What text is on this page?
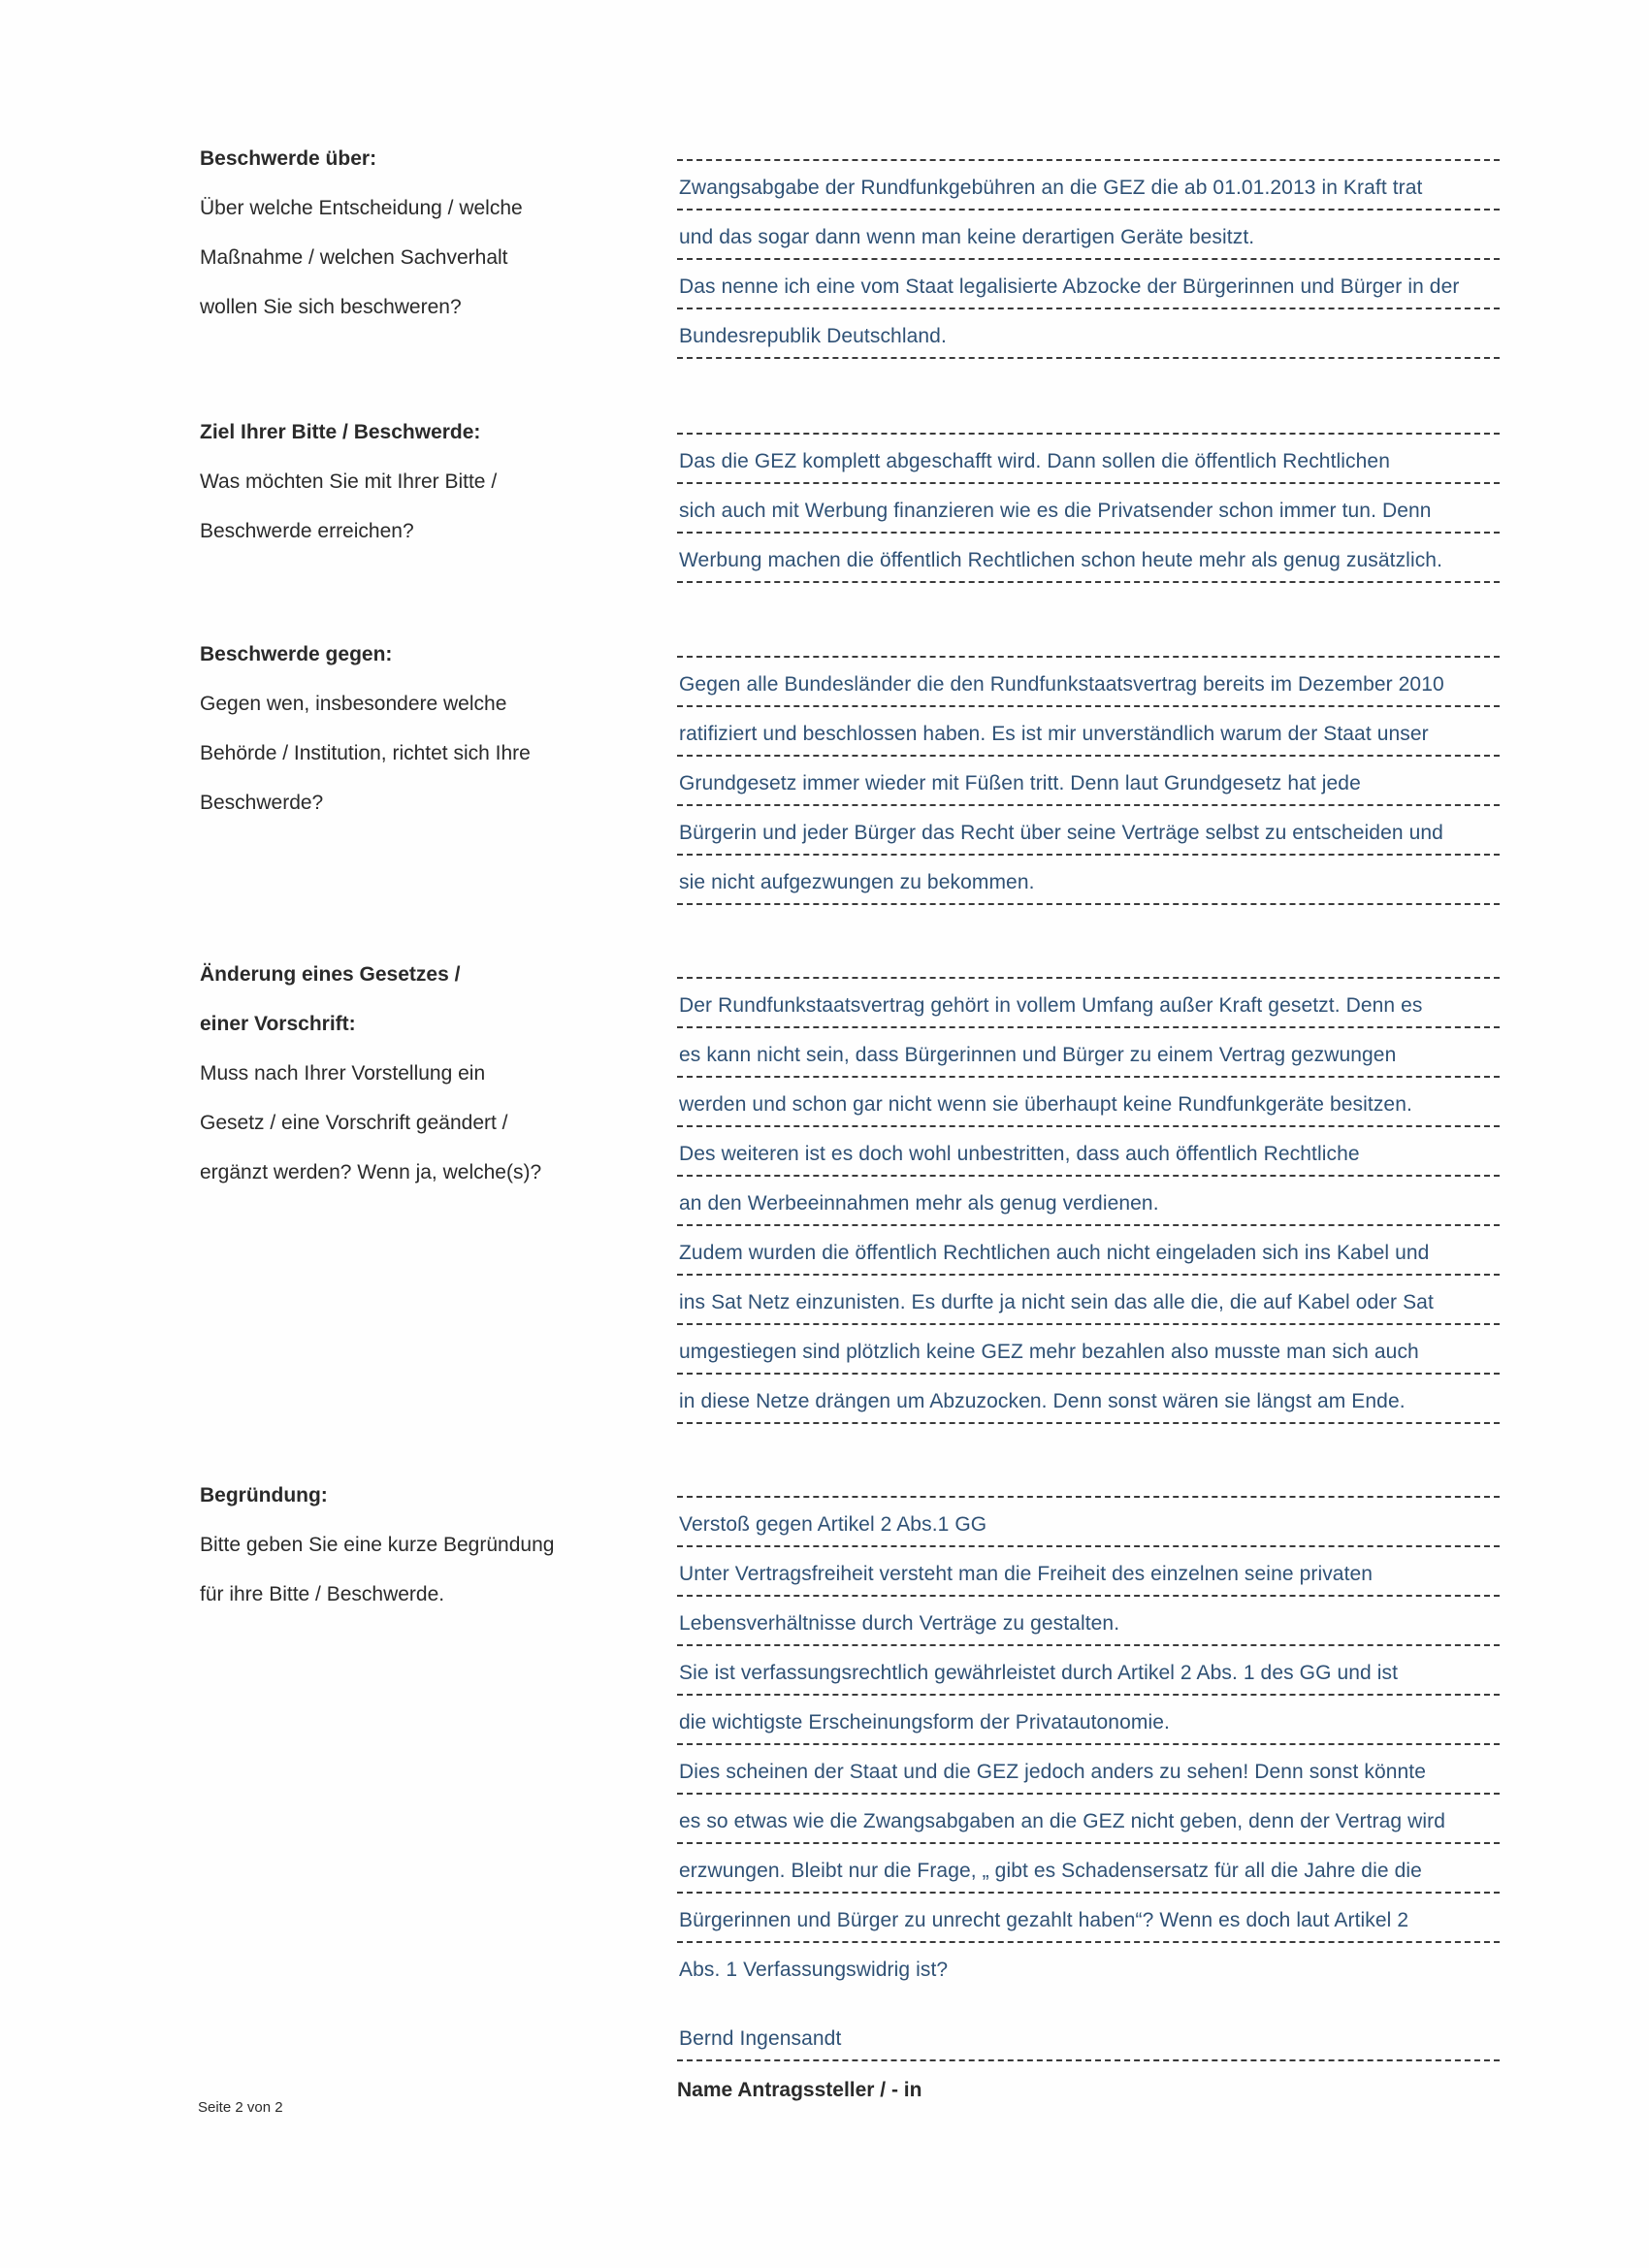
Beschwerde über:
Über welche Entscheidung / welche
Maßnahme / welchen Sachverhalt
wollen Sie sich beschweren?
Zwangsabgabe der Rundfunkgebühren an die GEZ die ab 01.01.2013 in Kraft trat
und das sogar dann wenn man keine derartigen Geräte besitzt.
Das nenne ich eine vom Staat legalisierte Abzocke der Bürgerinnen und Bürger in der
Bundesrepublik Deutschland.
Ziel Ihrer Bitte / Beschwerde:
Was möchten Sie mit Ihrer Bitte /
Beschwerde erreichen?
Das die GEZ komplett abgeschafft wird. Dann sollen die öffentlich Rechtlichen
sich auch mit Werbung finanzieren wie es die Privatsender schon immer tun. Denn
Werbung machen die öffentlich Rechtlichen schon heute mehr als genug zusätzlich.
Beschwerde gegen:
Gegen wen, insbesondere welche
Behörde / Institution, richtet sich Ihre
Beschwerde?
Gegen alle Bundesländer die den Rundfunkstaatsvertrag bereits im Dezember 2010
ratifiziert und beschlossen haben. Es ist mir unverständlich warum der Staat unser
Grundgesetz immer wieder mit Füßen tritt. Denn laut Grundgesetz hat jede
Bürgerin und jeder Bürger das Recht über seine Verträge selbst zu entscheiden und
sie nicht aufgezwungen zu bekommen.
Änderung eines Gesetzes /
einer Vorschrift:
Muss nach Ihrer Vorstellung ein
Gesetz / eine Vorschrift geändert /
ergänzt werden? Wenn ja, welche(s)?
Der Rundfunkstaatsvertrag gehört in vollem Umfang außer Kraft gesetzt. Denn es
es kann nicht sein, dass Bürgerinnen und Bürger zu einem Vertrag gezwungen
werden und schon gar nicht wenn sie überhaupt keine Rundfunkgeräte besitzen.
Des weiteren ist es doch wohl unbestritten, dass auch öffentlich Rechtliche
an den Werbeeinnahmen mehr als genug verdienen.
Zudem wurden die öffentlich Rechtlichen auch nicht eingeladen sich ins Kabel und
ins Sat Netz einzunisten. Es durfte ja nicht sein das alle die, die auf Kabel oder Sat
umgestiegen sind plötzlich keine GEZ mehr bezahlen also musste man sich auch
in diese Netze drängen um Abzuzocken. Denn sonst wären sie längst am Ende.
Begründung:
Bitte geben Sie eine kurze Begründung
für ihre Bitte / Beschwerde.
Verstoß gegen Artikel 2 Abs.1 GG
Unter Vertragsfreiheit versteht man die Freiheit des einzelnen seine privaten
Lebensverhältnisse durch Verträge zu gestalten.
Sie ist verfassungsrechtlich gewährleistet durch Artikel 2 Abs. 1 des GG und ist
die wichtigste Erscheinungsform der Privatautonomie.
Dies scheinen der Staat und die GEZ jedoch anders zu sehen! Denn sonst könnte
es so etwas wie die Zwangsabgaben an die GEZ nicht geben, denn der Vertrag wird
erzwungen. Bleibt nur die Frage, „ gibt es Schadensersatz für all die Jahre die die
Bürgerinnen und Bürger zu unrecht gezahlt haben“? Wenn es doch laut Artikel 2
Abs. 1 Verfassungswidrig ist?
Bernd Ingensandt
Name Antragssteller / - in
Seite 2 von 2
